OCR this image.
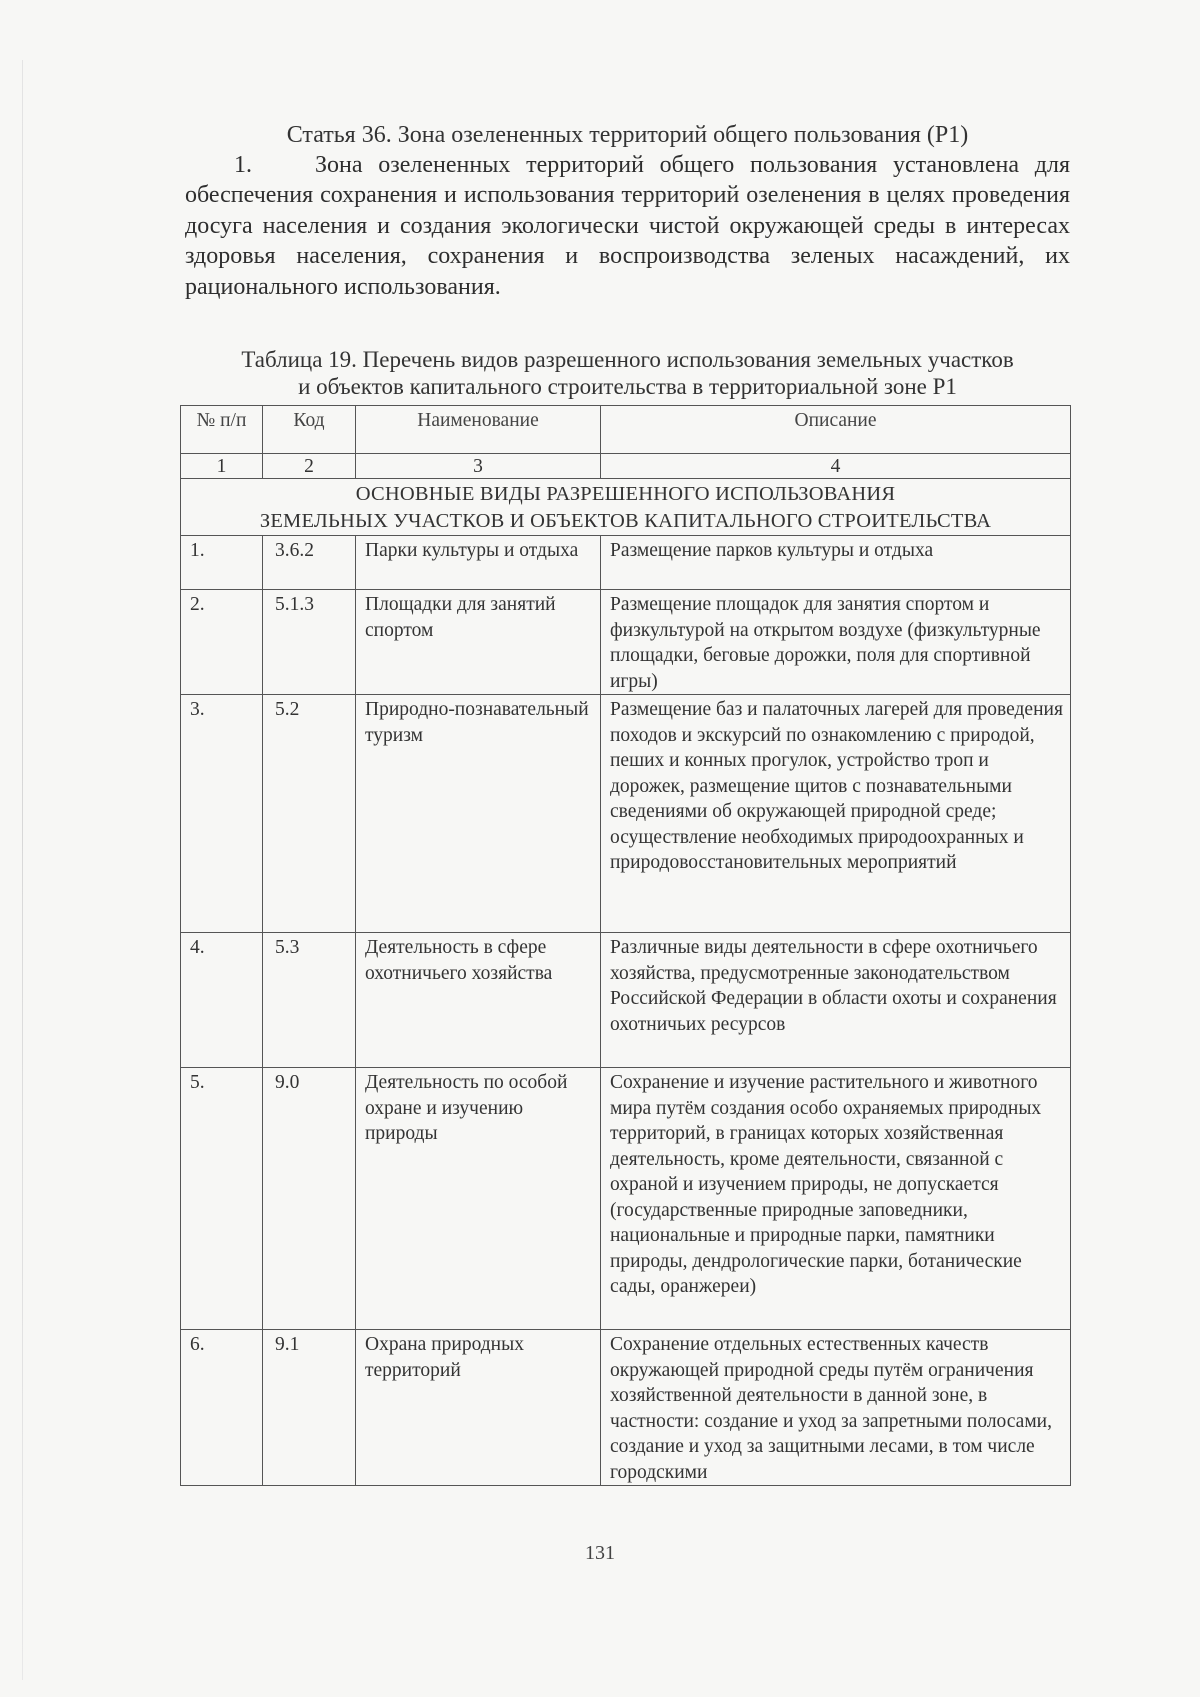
Статья 36. Зона озелененных территорий общего пользования (Р1)

1.    Зона озелененных территорий общего пользования установлена для обеспечения сохранения и использования территорий озеленения в целях проведения досуга населения и создания экологически чистой окружающей среды в интересах здоровья населения, сохранения и воспроизводства зеленых насаждений, их рационального использования.

Таблица 19. Перечень видов разрешенного использования земельных участков
и объектов капитального строительства в территориальной зоне Р1
№ п/п	Код	Наименование	Описание
1	2	3	4

ОСНОВНЫЕ ВИДЫ РАЗРЕШЕННОГО ИСПОЛЬЗОВАНИЯ
ЗЕМЕЛЬНЫХ УЧАСТКОВ И ОБЪЕКТОВ КАПИТАЛЬНОГО СТРОИТЕЛЬСТВА			

1.	3.6.2	Парки культуры и отдыха	Размещение парков культуры и отдыха
2.	5.1.3	Площадки для занятий спортом	Размещение площадок для занятия спортом и физкультурой на открытом воздухе (физкультурные площадки, беговые дорожки, поля для спортивной игры)
3.	5.2	Природно-познавательный туризм	Размещение баз и палаточных лагерей для проведения походов и экскурсий по ознакомлению с природой, пеших и конных прогулок, устройство троп и дорожек, размещение щитов с познавательными сведениями об окружающей природной среде; осуществление необходимых природоохранных и природовосстановительных мероприятий
4.	5.3	Деятельность в сфере охотничьего хозяйства	Различные виды деятельности в сфере охотничьего хозяйства, предусмотренные законодательством Российской Федерации в области охоты и сохранения охотничьих ресурсов
5.	9.0	Деятельность по особой охране и изучению природы	Сохранение и изучение растительного и животного мира путём создания особо охраняемых природных территорий, в границах которых хозяйственная деятельность, кроме деятельности, связанной с охраной и изучением природы, не допускается (государственные природные заповедники, национальные и природные парки, памятники природы, дендрологические парки, ботанические сады, оранжереи)
6.	9.1	Охрана природных территорий	Сохранение отдельных естественных качеств окружающей природной среды путём ограничения хозяйственной деятельности в данной зоне, в частности: создание и уход за запретными полосами, создание и уход за защитными лесами, в том числе городскими
131
